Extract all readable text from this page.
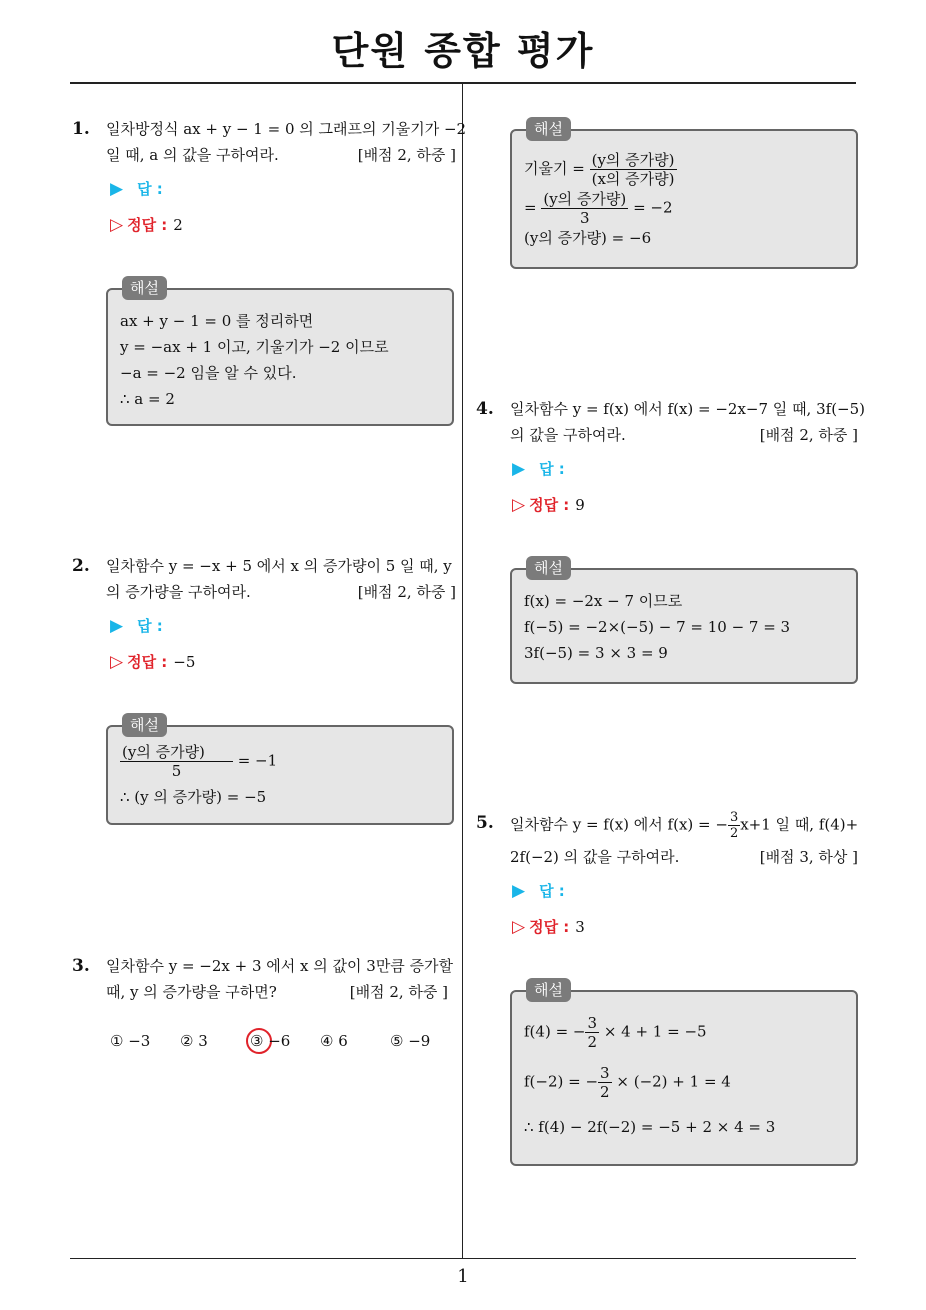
단원 종합 평가
1
1. 일차방정식 ax + y − 1 = 0 의 그래프의 기울기가 −2
일 때, a 의 값을 구하여라.	[배점 2, 하중 ]
▶ 답 :
▷ 정답 : 2
해설
ax + y − 1 = 0 를 정리하면
y = −ax + 1 이고, 기울기가 −2 이므로
−a = −2 임을 알 수 있다.
∴ a = 2
2. 일차함수 y = −x + 5 에서 x 의 증가량이 5 일 때, y
의 증가량을 구하여라.	[배점 2, 하중 ]
▶ 답 :
▷ 정답 : −5
해설
$\frac{\text{(y의 증가량)}}{5} = -1$
∴ (y 의 증가량) = −5
3. 일차함수 y = −2x + 3 에서 x 의 값이 3만큼 증가할
때, y 의 증가량을 구하면?	[배점 2, 하중 ]
① −3 ② 3	③ −6 ④ 6	⑤ −9
해설
기울기 = $\frac{\text{(y의 증가량)}}{\text{(x의 증가량)}}$
= $\frac{\text{(y의 증가량)}}{3} = -2$
(y의 증가량) = −6
4. 일차함수 y = f(x) 에서 f(x) = −2x−7 일 때, 3f(−5)
의 값을 구하여라.	[배점 2, 하중 ]
▶ 답 :
▷ 정답 : 9
해설
f(x) = −2x − 7 이므로
f(−5) = −2×(−5) − 7 = 10 − 7 = 3
3f(−5) = 3 × 3 = 9
5. 일차함수 y = f(x) 에서 f(x) = − $\frac{3}{2} x+1$ 일 때, f(4)+
2f(−2) 의 값을 구하여라.	[배점 3, 하상 ]
▶ 답 :
▷ 정답 : 3
해설
f(4) = − $\frac{3}{2} \times 4 + 1 = -5$
f(−2) = − $\frac{3}{2} \times (-2) + 1 = 4$
∴ f(4) − 2f(−2) = −5 + 2 × 4 = 3
